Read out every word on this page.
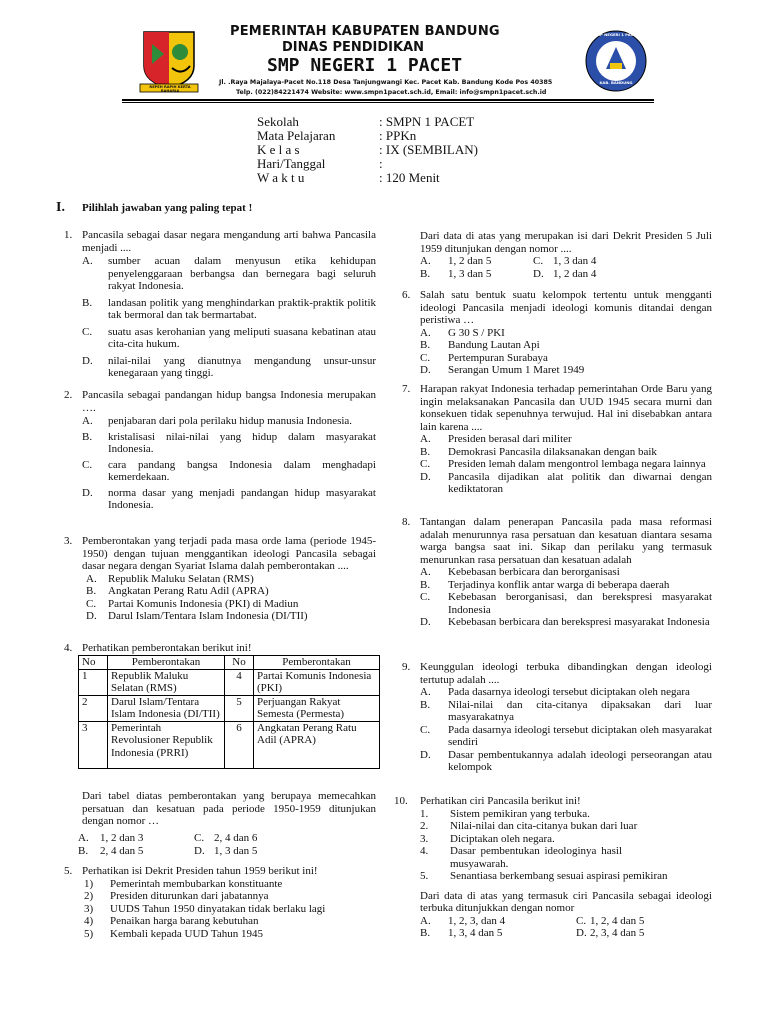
REPEH RAPIH KERTA RAHARJA
PEMERINTAH KABUPATEN BANDUNG
DINAS PENDIDIKAN
SMP NEGERI 1 PACET
Jl. .Raya Majalaya-Pacet No.118 Desa Tanjungwangi Kec. Pacet Kab. Bandung Kode Pos 40385
Telp. (022)84221474 Website: www.smpn1pacet.sch.id, Email: info@smpn1pacet.sch.id
SMP NEGERI 1 PACET
KAB. BANDUNG
Sekolah	: SMPN 1 PACET
Mata Pelajaran	: PPKn
K e l a s	: IX (SEMBILAN)
Hari/Tanggal	:
W a k t u	: 120 Menit
I. Pilihlah jawaban yang paling tepat !
1. Pancasila sebagai dasar negara mengandung arti bahwa Pancasila menjadi ....
A. sumber acuan dalam menyusun etika kehidupan penyelenggaraan berbangsa dan bernegara bagi seluruh rakyat Indonesia.
B. landasan politik yang menghindarkan praktik-praktik politik tak bermoral dan tak bermartabat.
C. suatu asas kerohanian yang meliputi suasana kebatinan atau cita-cita hukum.
D. nilai-nilai yang dianutnya mengandung unsur-unsur kenegaraan yang tinggi.
2. Pancasila sebagai pandangan hidup bangsa Indonesia merupakan ….
A. penjabaran dari pola perilaku hidup manusia Indonesia.
B. kristalisasi nilai-nilai yang hidup dalam masyarakat Indonesia.
C. cara pandang bangsa Indonesia dalam menghadapi kemerdekaan.
D. norma dasar yang menjadi pandangan hidup masyarakat Indonesia.
3. Pemberontakan yang terjadi pada masa orde lama (periode 1945-1950) dengan tujuan menggantikan ideologi Pancasila sebagai dasar negara dengan Syariat Islama dalah pemberontakan ....
A. Republik Maluku Selatan (RMS)
B. Angkatan Perang Ratu Adil (APRA)
C. Partai Komunis Indonesia (PKI) di Madiun
D. Darul Islam/Tentara Islam Indonesia (DI/TII)
4. Perhatikan pemberontakan berikut ini!
No	Pemberontakan	No	Pemberontakan
1	Republik Maluku Selatan (RMS)	4	Partai Komunis Indonesia (PKI)
2	Darul Islam/Tentara Islam Indonesia (DI/TII)	5	Perjuangan Rakyat Semesta (Permesta)
3	Pemerintah Revolusioner Republik Indonesia (PRRI)	6	Angkatan Perang Ratu Adil (APRA)
Dari tabel diatas pemberontakan yang berupaya memecahkan persatuan dan kesatuan pada periode 1950-1959 ditunjukan dengan nomor …
A. 1, 2 dan 3	C. 2, 4 dan 6
B. 2, 4 dan 5	D. 1, 3 dan 5
5. Perhatikan isi Dekrit Presiden tahun 1959 berikut ini!
1) Pemerintah membubarkan konstituante
2) Presiden diturunkan dari jabatannya
3) UUDS Tahun 1950 dinyatakan tidak berlaku lagi
4) Penaikan harga barang kebutuhan
5) Kembali kepada UUD Tahun 1945
Dari data di atas yang merupakan isi dari Dekrit Presiden 5 Juli 1959 ditunjukan dengan nomor ....
A. 1, 2 dan 5	C. 1, 3 dan 4
B. 1, 3 dan 5	D. 1, 2 dan 4
6. Salah satu bentuk suatu kelompok tertentu untuk mengganti ideologi Pancasila menjadi ideologi komunis ditandai dengan peristiwa …
A. G 30 S / PKI
B. Bandung Lautan Api
C. Pertempuran Surabaya
D. Serangan Umum 1 Maret 1949
7. Harapan rakyat Indonesia terhadap pemerintahan Orde Baru yang ingin melaksanakan Pancasila dan UUD 1945 secara murni dan konsekuen tidak sepenuhnya terwujud. Hal ini disebabkan antara lain karena ....
A. Presiden berasal dari militer
B. Demokrasi Pancasila dilaksanakan dengan baik
C. Presiden lemah dalam mengontrol lembaga negara lainnya
D. Pancasila dijadikan alat politik dan diwarnai dengan kediktatoran
8. Tantangan dalam penerapan Pancasila pada masa reformasi adalah menurunnya rasa persatuan dan kesatuan diantara sesama warga bangsa saat ini. Sikap dan perilaku yang termasuk menurunkan rasa persatuan dan kesatuan adalah
A. Kebebasan berbicara dan berorganisasi
B. Terjadinya konflik antar warga di beberapa daerah
C. Kebebasan berorganisasi, dan berekspresi masyarakat Indonesia
D. Kebebasan berbicara dan berekspresi masyarakat Indonesia
9. Keunggulan ideologi terbuka dibandingkan dengan ideologi tertutup adalah ....
A. Pada dasarnya ideologi tersebut diciptakan oleh negara
B. Nilai-nilai dan cita-citanya dipaksakan dari luar masyarakatnya
C. Pada dasarnya ideologi tersebut diciptakan oleh masyarakat sendiri
D. Dasar pembentukannya adalah ideologi perseorangan atau kelompok
10. Perhatikan ciri Pancasila berikut ini!
1. Sistem pemikiran yang terbuka.
2. Nilai-nilai dan cita-citanya bukan dari luar
3. Diciptakan oleh negara.
4. Dasar pembentukan ideologinya hasil musyawarah.
5. Senantiasa berkembang sesuai aspirasi pemikiran
Dari data di atas yang termasuk ciri Pancasila sebagai ideologi terbuka ditunjukkan dengan nomor
A. 1, 2, 3, dan 4	C. 1, 2, 4 dan 5
B. 1, 3, 4 dan 5	D. 2, 3, 4 dan 5
